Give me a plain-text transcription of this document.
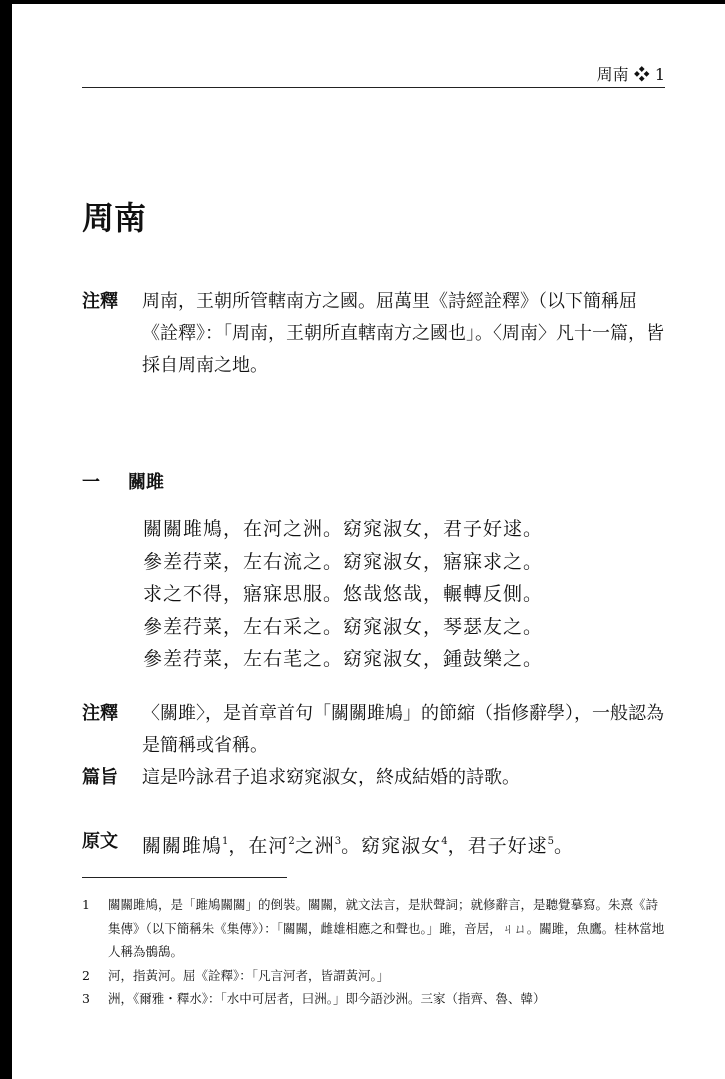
周南 ❖ 1
周南
注釋 周南，王朝所管轄南方之國。屈萬里《詩經詮釋》（以下簡稱屈《詮釋》：「周南，王朝所直轄南方之國也」。〈周南〉凡十一篇，皆採自周南之地。
一 關雎
關關雎鳩，在河之洲。窈窕淑女，君子好逑。
參差荇菜，左右流之。窈窕淑女，寤寐求之。
求之不得，寤寐思服。悠哉悠哉，輾轉反側。
參差荇菜，左右采之。窈窕淑女，琴瑟友之。
參差荇菜，左右芼之。窈窕淑女，鍾鼓樂之。
注釋 〈關雎〉，是首章首句「關關雎鳩」的節縮（指修辭學），一般認為是簡稱或省稱。
篇旨 這是吟詠君子追求窈窕淑女，終成結婚的詩歌。
原文 關關雎鳩$^1$，在河$^2$之洲$^3$。窈窕淑女$^4$，君子好逑$^5$。
1	關關雎鳩，是「雎鳩關關」的倒裝。關關，就文法言，是狀聲詞；就修辭言，是聽覺摹寫。朱熹《詩集傳》（以下簡稱朱《集傳》）：「關關，雌雄相應之和聲也。」雎，音居，ㄐㄩ。關雎，魚鷹。桂林當地人稱為鶻鴰。
2	河，指黃河。屈《詮釋》：「凡言河者，皆謂黃河。」
3	洲，《爾雅・釋水》：「水中可居者，曰洲。」即今語沙洲。三家（指齊、魯、韓）
